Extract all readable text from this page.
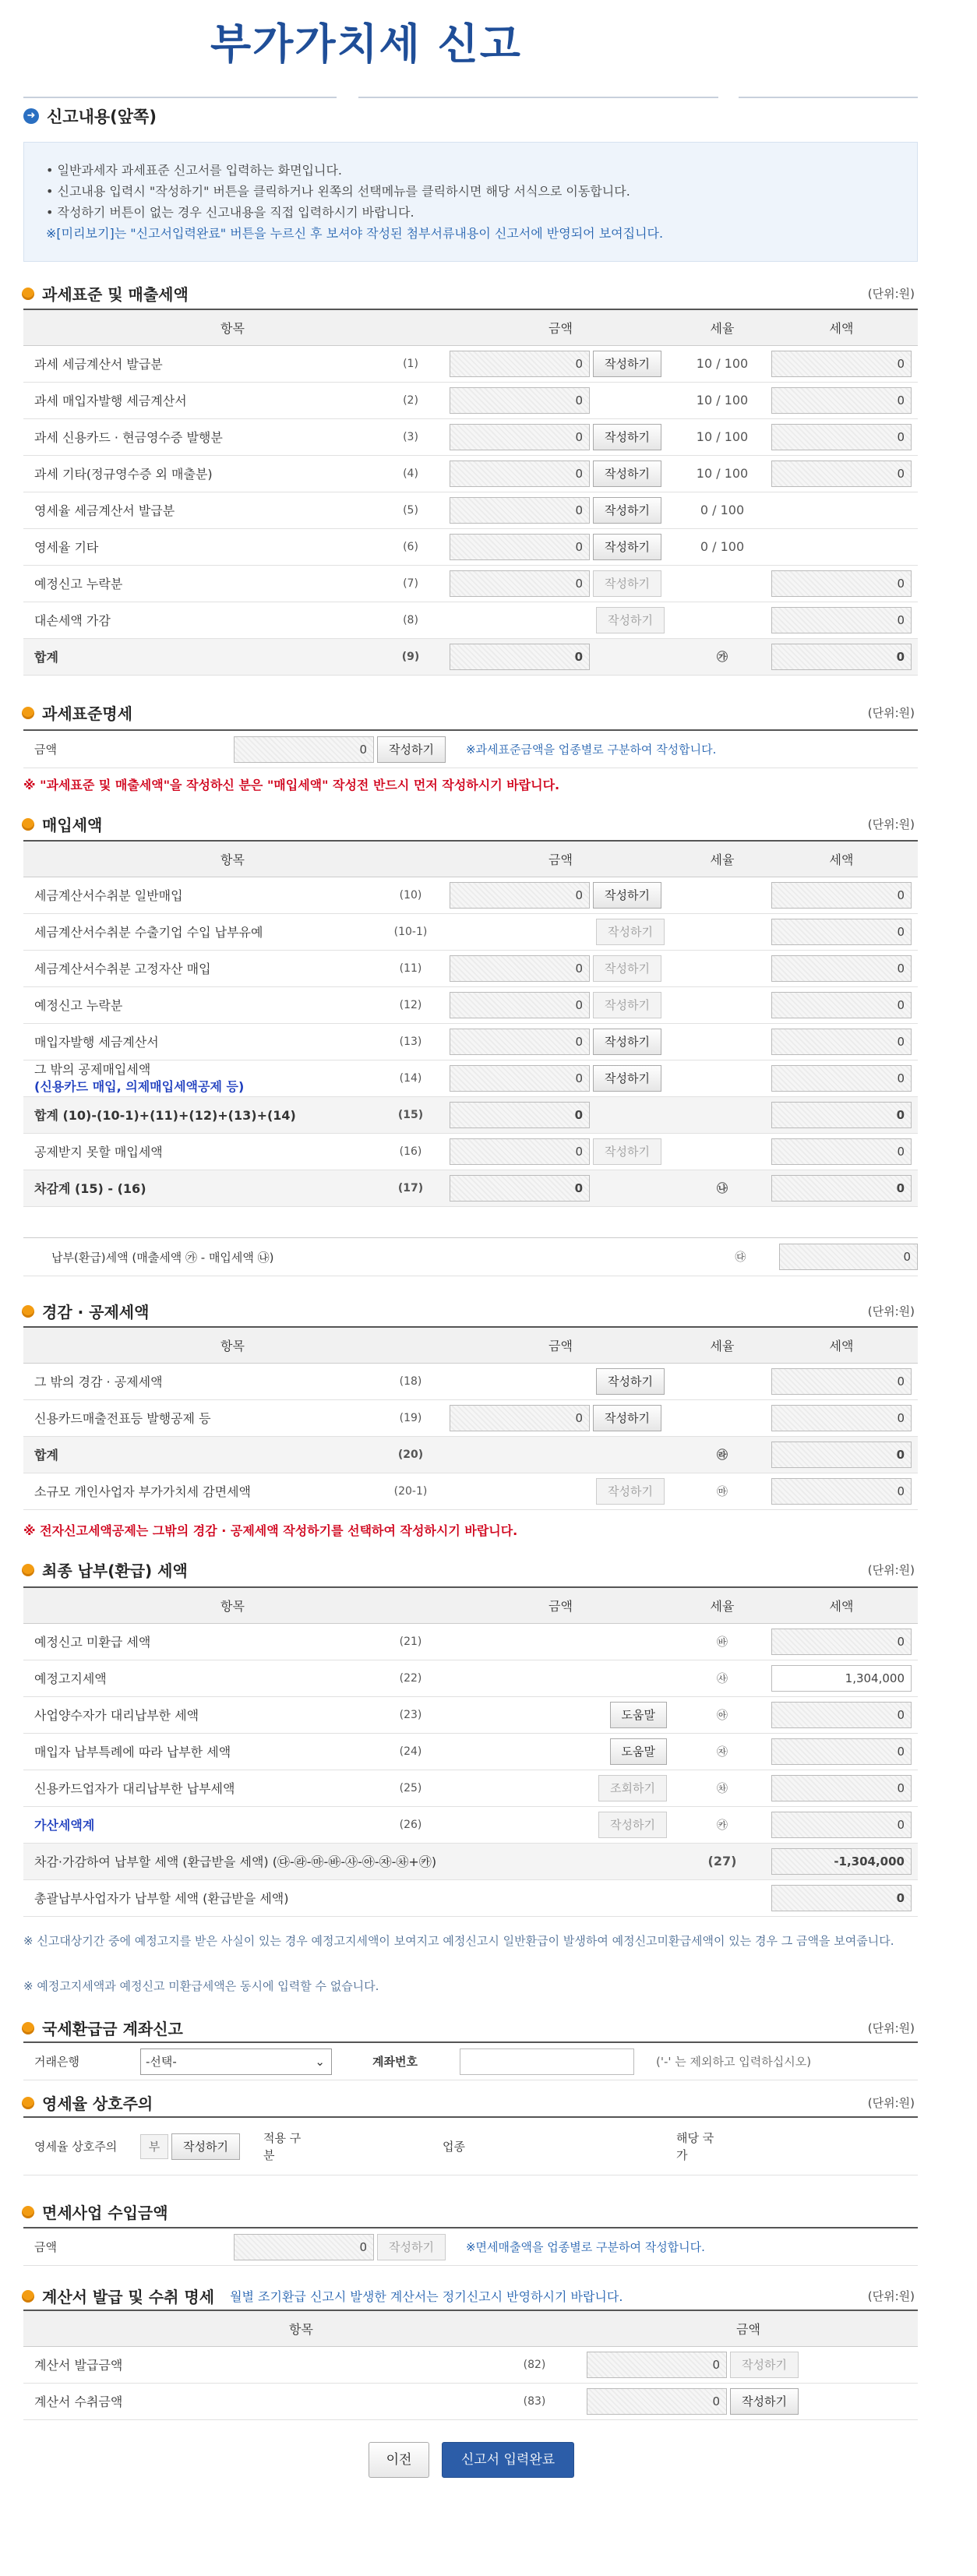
부가가치세 신고
➜ 신고내용(앞쪽)
• 일반과세자 과세표준 신고서를 입력하는 화면입니다.
• 신고내용 입력시 "작성하기" 버튼을 클릭하거나 왼쪽의 선택메뉴를 클릭하시면 해당 서식으로 이동합니다.
• 작성하기 버튼이 없는 경우 신고내용을 직접 입력하시기 바랍니다.
※[미리보기]는 "신고서입력완료" 버튼을 누르신 후 보셔야 작성된 첨부서류내용이 신고서에 반영되어 보여집니다.
과세표준 및 매출세액	(단위:원)
항목		금액	세율	세액
과세 세금계산서 발급분	(1)	0 작성하기	10 / 100	0
과세 매입자발행 세금계산서	(2)	0	10 / 100	0
과세 신용카드 · 현금영수증 발행분	(3)	0 작성하기	10 / 100	0
과세 기타(정규영수증 외 매출분)	(4)	0 작성하기	10 / 100	0
영세율 세금계산서 발급분	(5)	0 작성하기	0 / 100	
영세율 기타	(6)	0 작성하기	0 / 100	
예정신고 누락분	(7)	0 작성하기		0
대손세액 가감	(8)	작성하기		0
합계	(9)	0	㉮	0
과세표준명세	(단위:원)
금액	0	작성하기	※과세표준금액을 업종별로 구분하여 작성합니다.
※ "과세표준 및 매출세액"을 작성하신 분은 "매입세액" 작성전 반드시 먼저 작성하시기 바랍니다.
매입세액	(단위:원)
항목		금액	세율	세액
세금계산서수취분 일반매입	(10)	0 작성하기		0
세금계산서수취분 수출기업 수입 납부유예	(10-1)	작성하기		0
세금계산서수취분 고정자산 매입	(11)	0 작성하기		0
예정신고 누락분	(12)	0 작성하기		0
매입자발행 세금계산서	(13)	0 작성하기		0

그 밖의 공제매입세액
(신용카드 매입, 의제매입세액공제 등)	(14)	0 작성하기		0
합계 (10)-(10-1)+(11)+(12)+(13)+(14)	(15)	0		0
공제받지 못할 매입세액	(16)	0 작성하기		0
차감계 (15) - (16)	(17)	0	㉯	0
납부(환급)세액 (매출세액 ㉮ - 매입세액 ㉯)	㉰	0
경감 · 공제세액	(단위:원)
항목		금액	세율	세액
그 밖의 경감 · 공제세액	(18)	작성하기		0
신용카드매출전표등 발행공제 등	(19)	0 작성하기		0
합계	(20)		㉱	0
소규모 개인사업자 부가가치세 감면세액	(20-1)	작성하기	㉲	0
※ 전자신고세액공제는 그밖의 경감 · 공제세액 작성하기를 선택하여 작성하시기 바랍니다.
최종 납부(환급) 세액	(단위:원)
항목		금액	세율	세액
예정신고 미환급 세액	(21)		㉳	0
예정고지세액	(22)		㉴	1,304,000
사업양수자가 대리납부한 세액	(23)	도움말	㉵	0
매입자 납부특례에 따라 납부한 세액	(24)	도움말	㉶	0
신용카드업자가 대리납부한 납부세액	(25)	조회하기	㉷	0
가산세액계	(26)	작성하기	㉸	0
차감·가감하여 납부할 세액 (환급받을 세액) (㉰-㉱-㉲-㉳-㉴-㉵-㉶-㉷+㉸)			(27)	-1,304,000
총괄납부사업자가 납부할 세액 (환급받을 세액)				0
※ 신고대상기간 중에 예정고지를 받은 사실이 있는 경우 예정고지세액이 보여지고 예정신고시 일반환급이 발생하여 예정신고미환급세액이 있는 경우 그 금액을 보여줍니다.
※ 예정고지세액과 예정신고 미환급세액은 동시에 입력할 수 없습니다.
국세환급금 계좌신고	(단위:원)
거래은행	-선택-	⌄	계좌번호	('-' 는 제외하고 입력하십시오)
영세율 상호주의	(단위:원)
영세율 상호주의	부	작성하기
적용 구분
업종
해당 국가
면세사업 수입금액
금액	0	작성하기	※면세매출액을 업종별로 구분하여 작성합니다.
계산서 발급 및 수취 명세 월별 조기환급 신고시 발생한 계산서는 정기신고시 반영하시기 바랍니다.	(단위:원)
항목		금액
계산서 발급금액	(82)	0 작성하기
계산서 수취금액	(83)	0 작성하기
이전	신고서 입력완료
